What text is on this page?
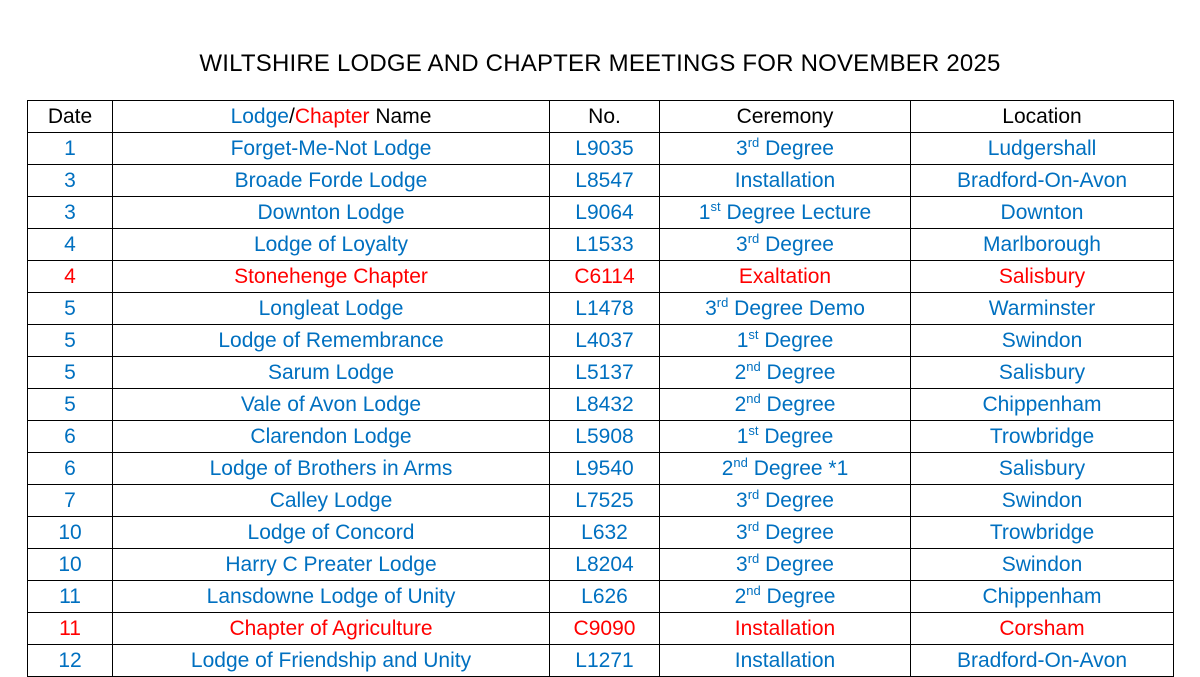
WILTSHIRE LODGE AND CHAPTER MEETINGS FOR NOVEMBER 2025
Date	Lodge/Chapter Name	No.	Ceremony	Location
1	Forget-Me-Not Lodge	L9035	3rd Degree	Ludgershall
3	Broade Forde Lodge	L8547	Installation	Bradford-On-Avon
3	Downton Lodge	L9064	1st Degree Lecture	Downton
4	Lodge of Loyalty	L1533	3rd Degree	Marlborough
4	Stonehenge Chapter	C6114	Exaltation	Salisbury
5	Longleat Lodge	L1478	3rd Degree Demo	Warminster
5	Lodge of Remembrance	L4037	1st Degree	Swindon
5	Sarum Lodge	L5137	2nd Degree	Salisbury
5	Vale of Avon Lodge	L8432	2nd Degree	Chippenham
6	Clarendon Lodge	L5908	1st Degree	Trowbridge
6	Lodge of Brothers in Arms	L9540	2nd Degree *1	Salisbury
7	Calley Lodge	L7525	3rd Degree	Swindon
10	Lodge of Concord	L632	3rd Degree	Trowbridge
10	Harry C Preater Lodge	L8204	3rd Degree	Swindon
11	Lansdowne Lodge of Unity	L626	2nd Degree	Chippenham
11	Chapter of Agriculture	C9090	Installation	Corsham
12	Lodge of Friendship and Unity	L1271	Installation	Bradford-On-Avon
